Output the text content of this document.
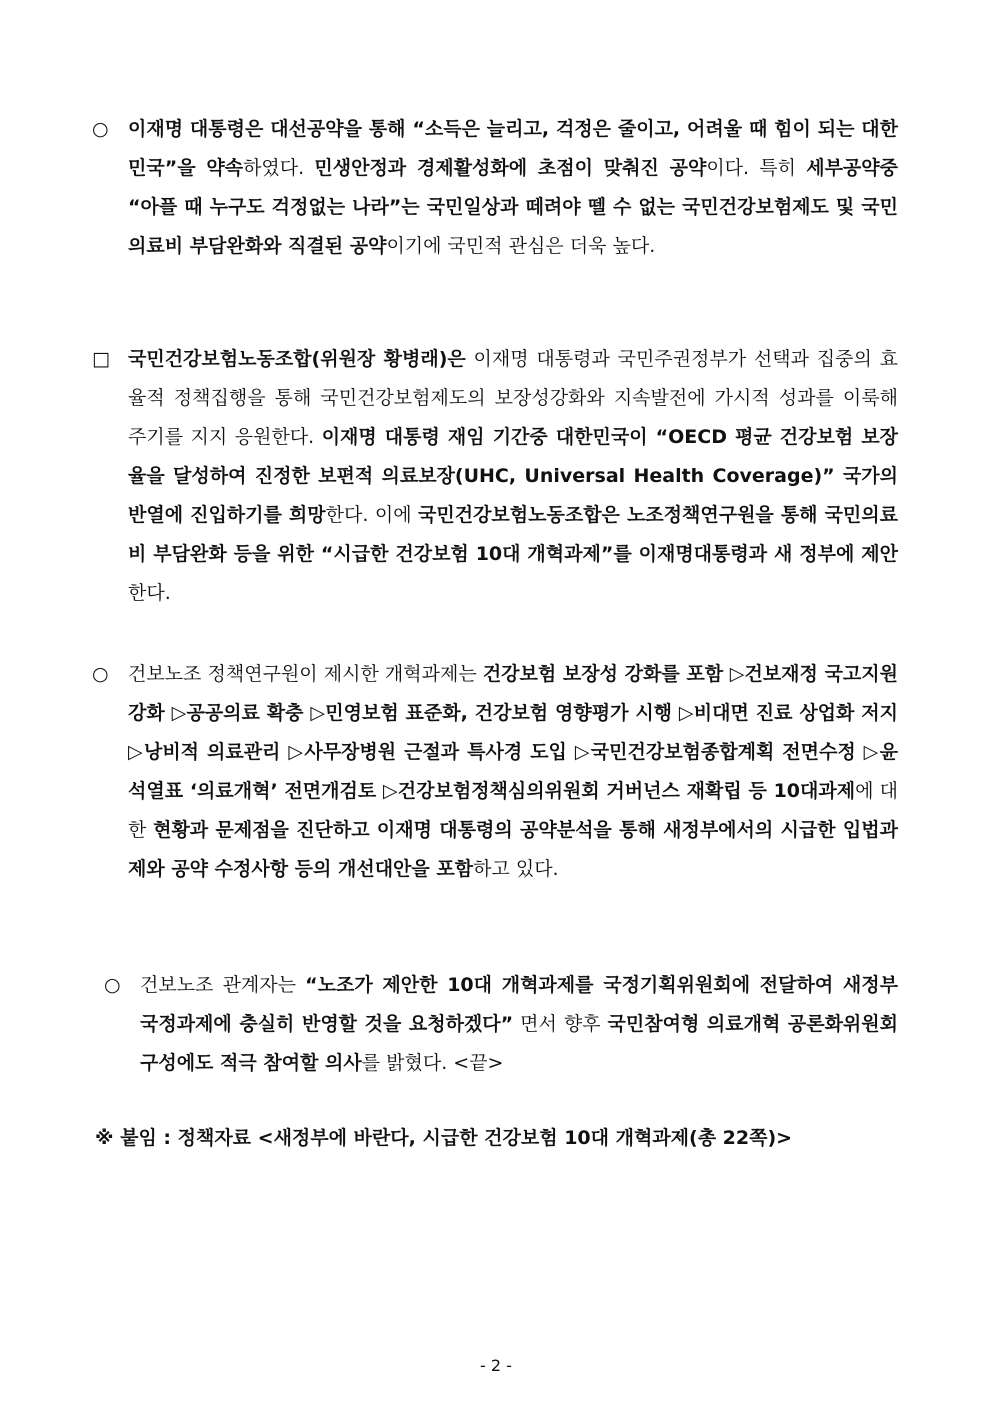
○	이재명 대통령은 대선공약을 통해 “소득은 늘리고, 걱정은 줄이고, 어려울 때 힘이 되는 대한민국”을 약속하였다. 민생안정과 경제활성화에 초점이 맞춰진 공약이다. 특히 세부공약중 “아플 때 누구도 걱정없는 나라”는 국민일상과 떼려야 뗄 수 없는 국민건강보험제도 및 국민의료비 부담완화와 직결된 공약이기에 국민적 관심은 더욱 높다.
□ 국민건강보험노동조합(위원장 황병래)은 이재명 대통령과 국민주권정부가 선택과 집중의 효율적 정책집행을 통해 국민건강보험제도의 보장성강화와 지속발전에 가시적 성과를 이룩해 주기를 지지 응원한다. 이재명 대통령 재임 기간중 대한민국이 “OECD 평균 건강보험 보장율을 달성하여 진정한 보편적 의료보장(UHC, Universal Health Coverage)” 국가의 반열에 진입하기를 희망한다. 이에 국민건강보험노동조합은 노조정책연구원을 통해 국민의료비 부담완화 등을 위한 “시급한 건강보험 10대 개혁과제”를 이재명대통령과 새 정부에 제안한다.
○	건보노조 정책연구원이 제시한 개혁과제는 건강보험 보장성 강화를 포함 ▷건보재정 국고지원강화 ▷공공의료 확충 ▷민영보험 표준화, 건강보험 영향평가 시행 ▷비대면 진료 상업화 저지 ▷낭비적 의료관리 ▷사무장병원 근절과 특사경 도입 ▷국민건강보험종합계획 전면수정 ▷윤석열표 ‘의료개혁’ 전면개검토 ▷건강보험정책심의위원회 거버넌스 재확립 등 10대과제에 대한 현황과 문제점을 진단하고 이재명 대통령의 공약분석을 통해 새정부에서의 시급한 입법과제와 공약 수정사항 등의 개선대안을 포함하고 있다.
○	건보노조 관계자는 “노조가 제안한 10대 개혁과제를 국정기획위원회에 전달하여 새정부 국정과제에 충실히 반영할 것을 요청하겠다” 면서 향후 국민참여형 의료개혁 공론화위원회 구성에도 적극 참여할 의사를 밝혔다. <끝>
※ 붙임 : 정책자료 <새정부에 바란다, 시급한 건강보험 10대 개혁과제(총 22쪽)>
- 2 -
